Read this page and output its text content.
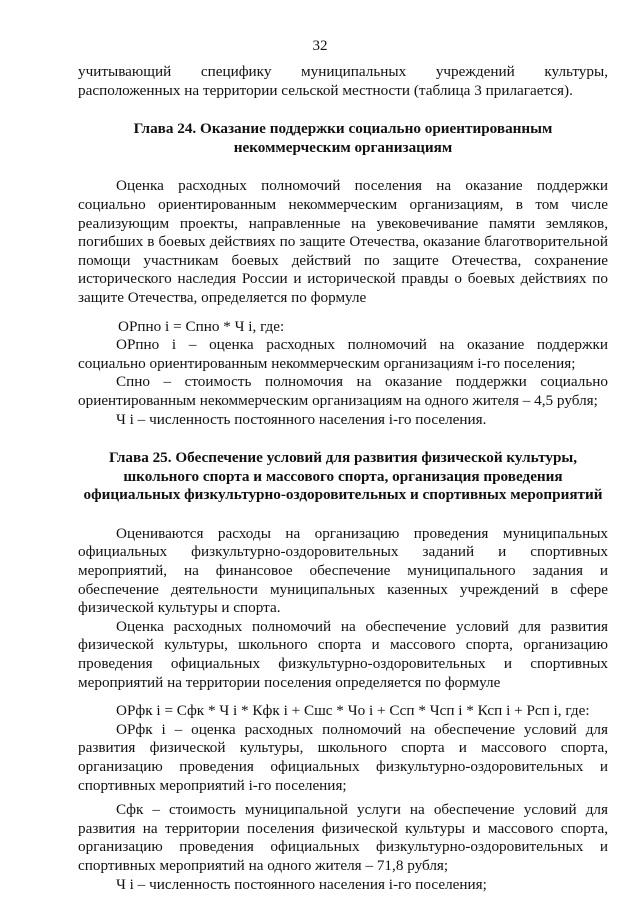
32

учитывающий специфику муниципальных учреждений культуры, расположенных на территории сельской местности (таблица 3 прилагается).

Глава 24. Оказание поддержки социально ориентированным некоммерческим организациям

Оценка расходных полномочий поселения на оказание поддержки социально ориентированным некоммерческим организациям, в том числе реализующим проекты, направленные на увековечивание памяти земляков, погибших в боевых действиях по защите Отечества, оказание благотворительной помощи участникам боевых действий по защите Отечества, сохранение исторического наследия России и исторической правды о боевых действиях по защите Отечества, определяется по формуле

ОРпно i = Спно * Ч i, где:

ОРпно i – оценка расходных полномочий на оказание поддержки социально ориентированным некоммерческим организациям i-го поселения;

Спно – стоимость полномочия на оказание поддержки социально ориентированным некоммерческим организациям на одного жителя – 4,5 рубля;

Ч i – численность постоянного населения i-го поселения.

Глава 25. Обеспечение условий для развития физической культуры, школьного спорта и массового спорта, организация проведения официальных физкультурно-оздоровительных и спортивных мероприятий

Оцениваются расходы на организацию проведения муниципальных официальных физкультурно-оздоровительных заданий и спортивных мероприятий, на финансовое обеспечение муниципального задания и обеспечение деятельности муниципальных казенных учреждений в сфере физической культуры и спорта.

Оценка расходных полномочий на обеспечение условий для развития физической культуры, школьного спорта и массового спорта, организацию проведения официальных физкультурно-оздоровительных и спортивных мероприятий на территории поселения определяется по формуле

ОРфк i = Сфк * Ч i * Кфк i + Сшс * Чо i + Ссп * Чсп i * Ксп i + Рсп i, где:

ОРфк i – оценка расходных полномочий на обеспечение условий для развития физической культуры, школьного спорта и массового спорта, организацию проведения официальных физкультурно-оздоровительных и спортивных мероприятий i-го поселения;

Сфк – стоимость муниципальной услуги на обеспечение условий для развития на территории поселения физической культуры и массового спорта, организацию проведения официальных физкультурно-оздоровительных и спортивных мероприятий на одного жителя – 71,8 рубля;

Ч i – численность постоянного населения i-го поселения;
